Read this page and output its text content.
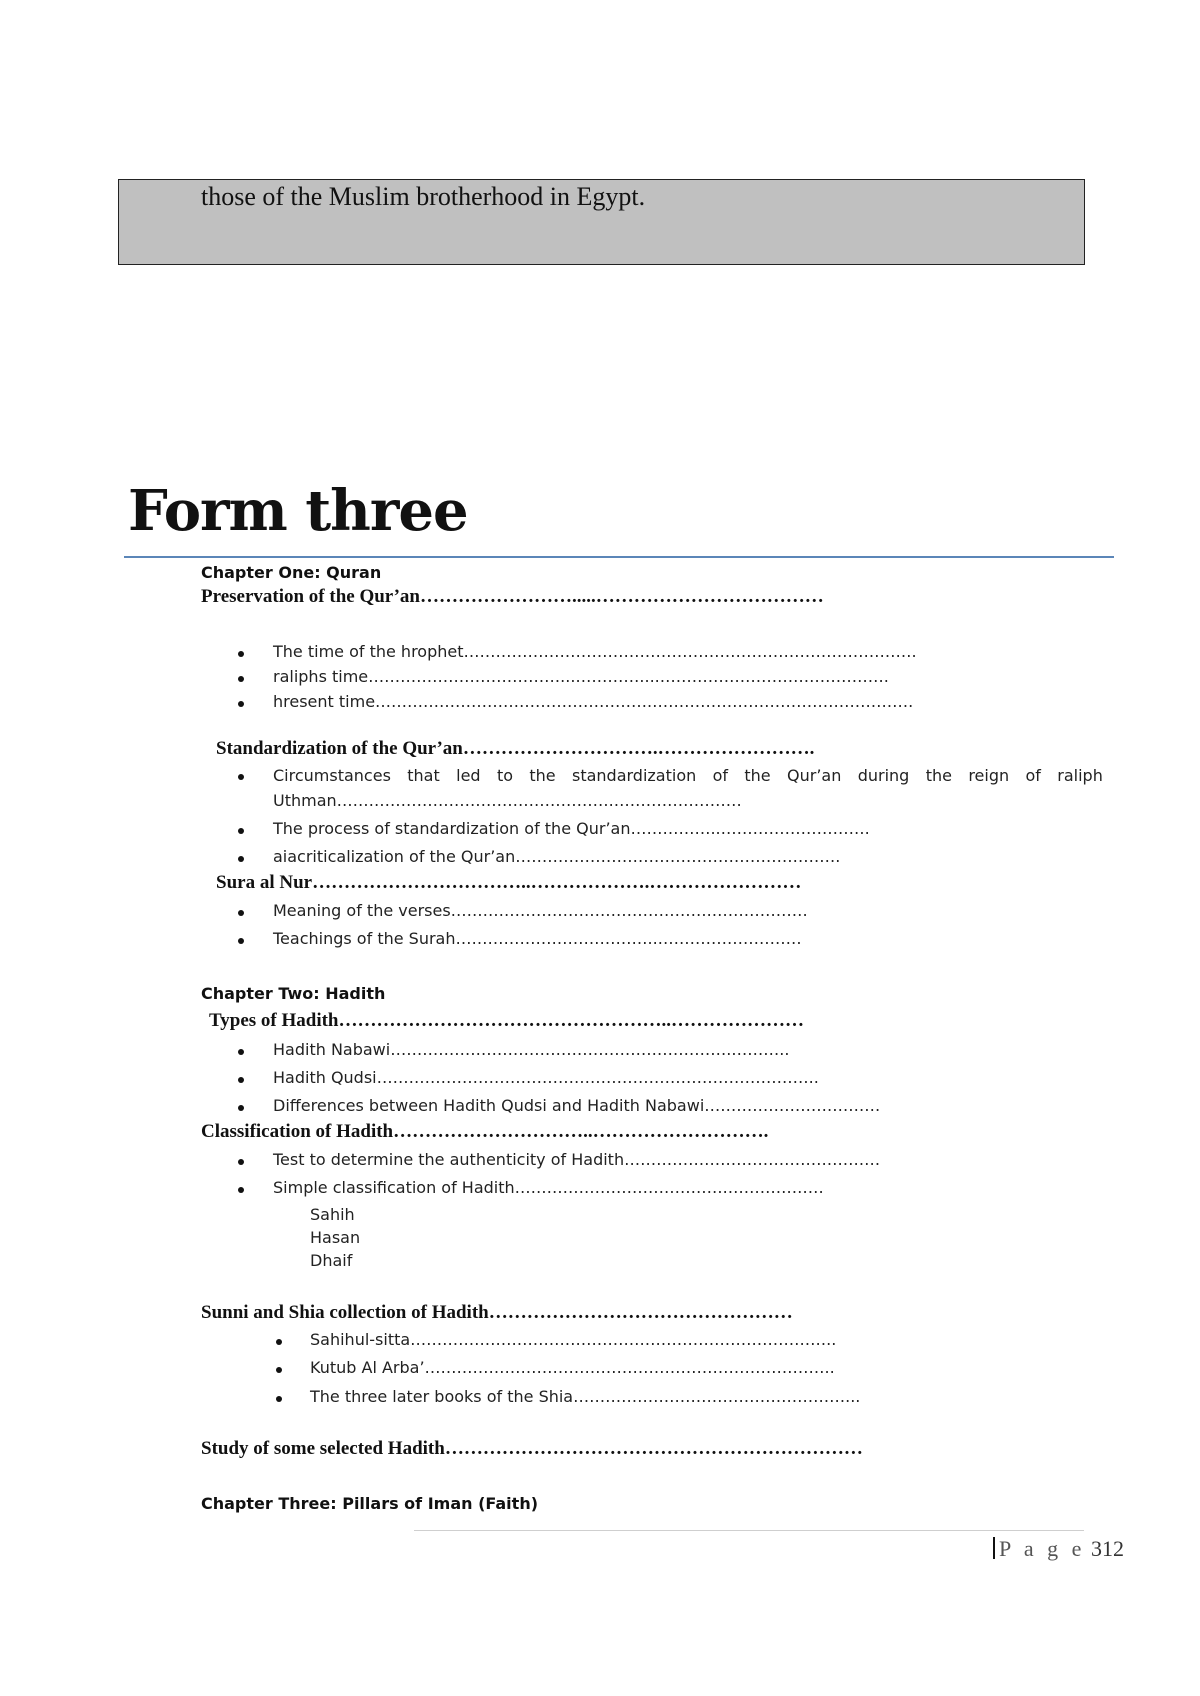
those of the Muslim brotherhood in Egypt.
Form three
Chapter One: Quran
Preservation of the Qur’an…………………….....………………………………
The time of the hrophet………………………………………………………………………….
raliphs time………………………………...…………....…………………………………….
hresent time…………………………………………….………………………………………….
Standardization of the Qur’an………………………….…………………….
Circumstances that led to the standardization of the Qur’an during the reign of raliph
Uthman…………………………………………….……………………
The process of standardization of the Qur’an……………..……………………….
aiacriticalization of the Qur’an…………………………………………………….
Sura al Nur……………………………..……………….……………………
Meaning of the verses………………………………………….………………
Teachings of the Surah………………………………..………………………
Chapter Two: Hadith
Types of Hadith……………………………………………..…………………
Hadith Nabawi……………………………………………………….………..
Hadith Qudsi………………………………………………………………………..
Differences between Hadith Qudsi and Hadith Nabawi……………………………
Classification of Hadith…………………………..……………………….
Test to determine the authenticity of Hadith…………………………………………
Simple classification of Hadith………………………………….………………
Sahih
Hasan
Dhaif
Sunni and Shia collection of Hadith…………………………………………
Sahihul-sitta……………………………………………………………………..
Kutub Al Arba’…………………………………………………………………..
The three later books of the Shia……………………………………………...
Study of some selected Hadith…………………………………………………………
Chapter Three: Pillars of Iman (Faith)
P a g e 312
